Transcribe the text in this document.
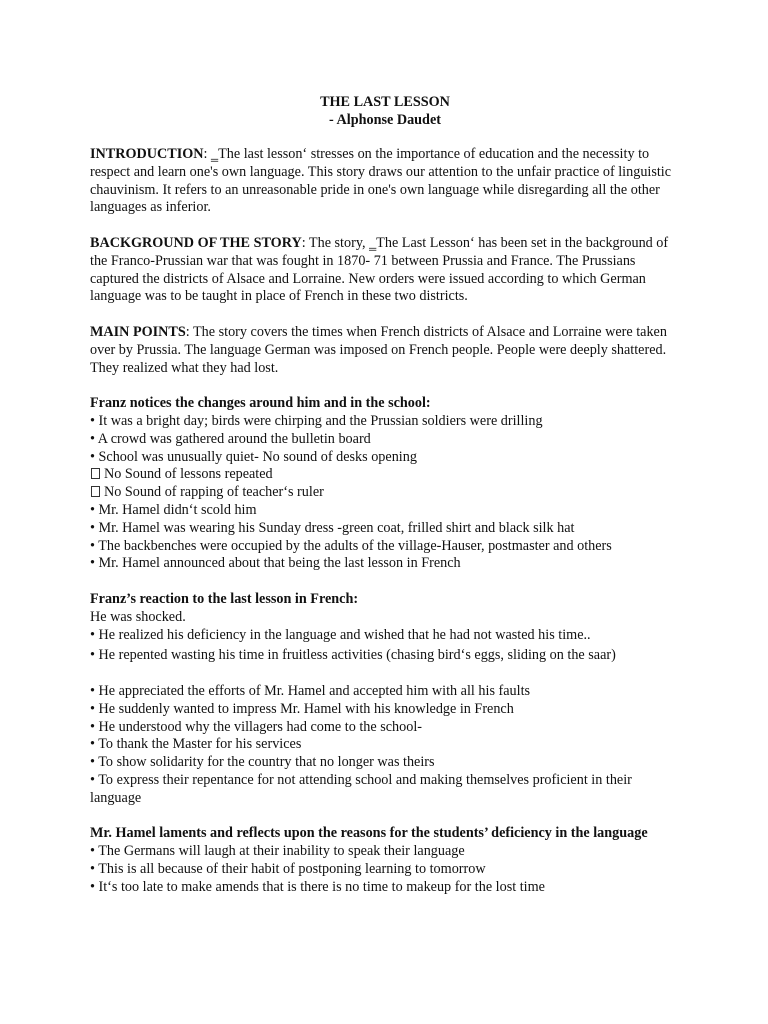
THE LAST LESSON
- Alphonse Daudet

INTRODUCTION: ‗The last lesson‘ stresses on the importance of education and the necessity to respect and learn one's own language. This story draws our attention to the unfair practice of linguistic chauvinism. It refers to an unreasonable pride in one's own language while disregarding all the other languages as inferior.

BACKGROUND OF THE STORY: The story, ‗The Last Lesson‘ has been set in the background of the Franco-Prussian war that was fought in 1870- 71 between Prussia and France. The Prussians captured the districts of Alsace and Lorraine. New orders were issued according to which German language was to be taught in place of French in these two districts.

MAIN POINTS: The story covers the times when French districts of Alsace and Lorraine were taken over by Prussia. The language German was imposed on French people. People were deeply shattered. They realized what they had lost.

Franz notices the changes around him and in the school:
• It was a bright day; birds were chirping and the Prussian soldiers were drilling
• A crowd was gathered around the bulletin board
• School was unusually quiet- No sound of desks opening
No Sound of lessons repeated
No Sound of rapping of teacher‘s ruler
• Mr. Hamel didn‘t scold him
• Mr. Hamel was wearing his Sunday dress -green coat, frilled shirt and black silk hat
• The backbenches were occupied by the adults of the village-Hauser, postmaster and others
• Mr. Hamel announced about that being the last lesson in French
Franz’s reaction to the last lesson in French:
He was shocked.
• He realized his deficiency in the language and wished that he had not wasted his time..
• He repented wasting his time in fruitless activities (chasing bird‘s eggs, sliding on the saar)
• He appreciated the efforts of Mr. Hamel and accepted him with all his faults
• He suddenly wanted to impress Mr. Hamel with his knowledge in French
• He understood why the villagers had come to the school-
• To thank the Master for his services
• To show solidarity for the country that no longer was theirs
• To express their repentance for not attending school and making themselves proficient in their language
Mr. Hamel laments and reflects upon the reasons for the students’ deficiency in the language
• The Germans will laugh at their inability to speak their language
• This is all because of their habit of postponing learning to tomorrow
• It‘s too late to make amends that is there is no time to makeup for the lost time
